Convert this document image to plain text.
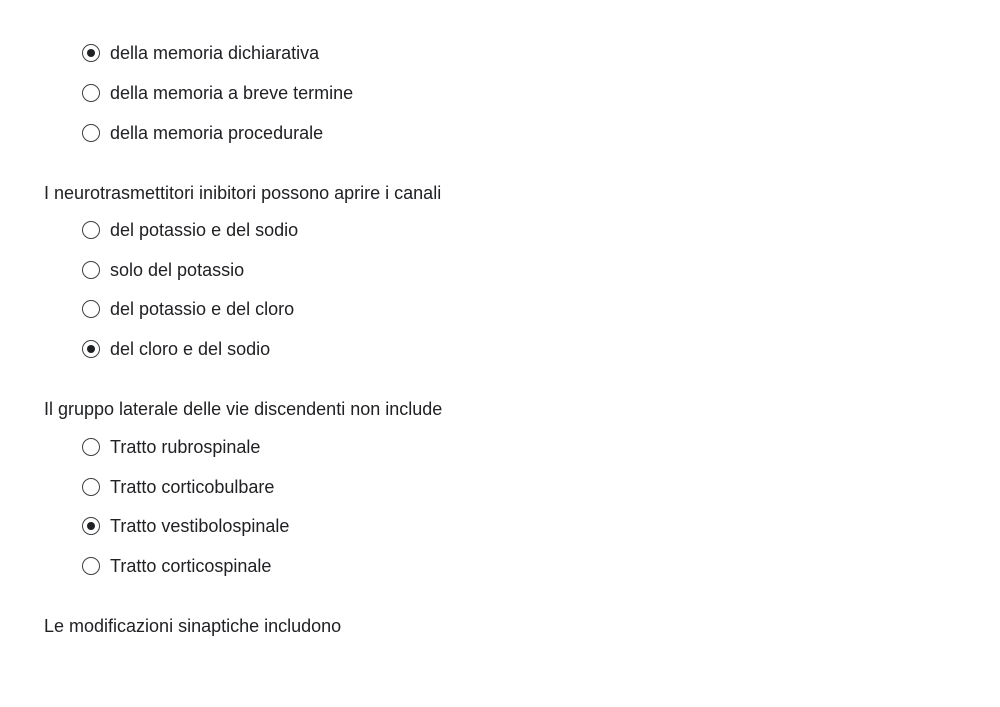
della memoria dichiarativa
della memoria a breve termine
della memoria procedurale
I neurotrasmettitori inibitori possono aprire i canali
del potassio e del sodio
solo del potassio
del potassio e del cloro
del cloro e del sodio
Il gruppo laterale delle vie discendenti non include
Tratto rubrospinale
Tratto corticobulbare
Tratto vestibolospinale
Tratto corticospinale
Le modificazioni sinaptiche includono
